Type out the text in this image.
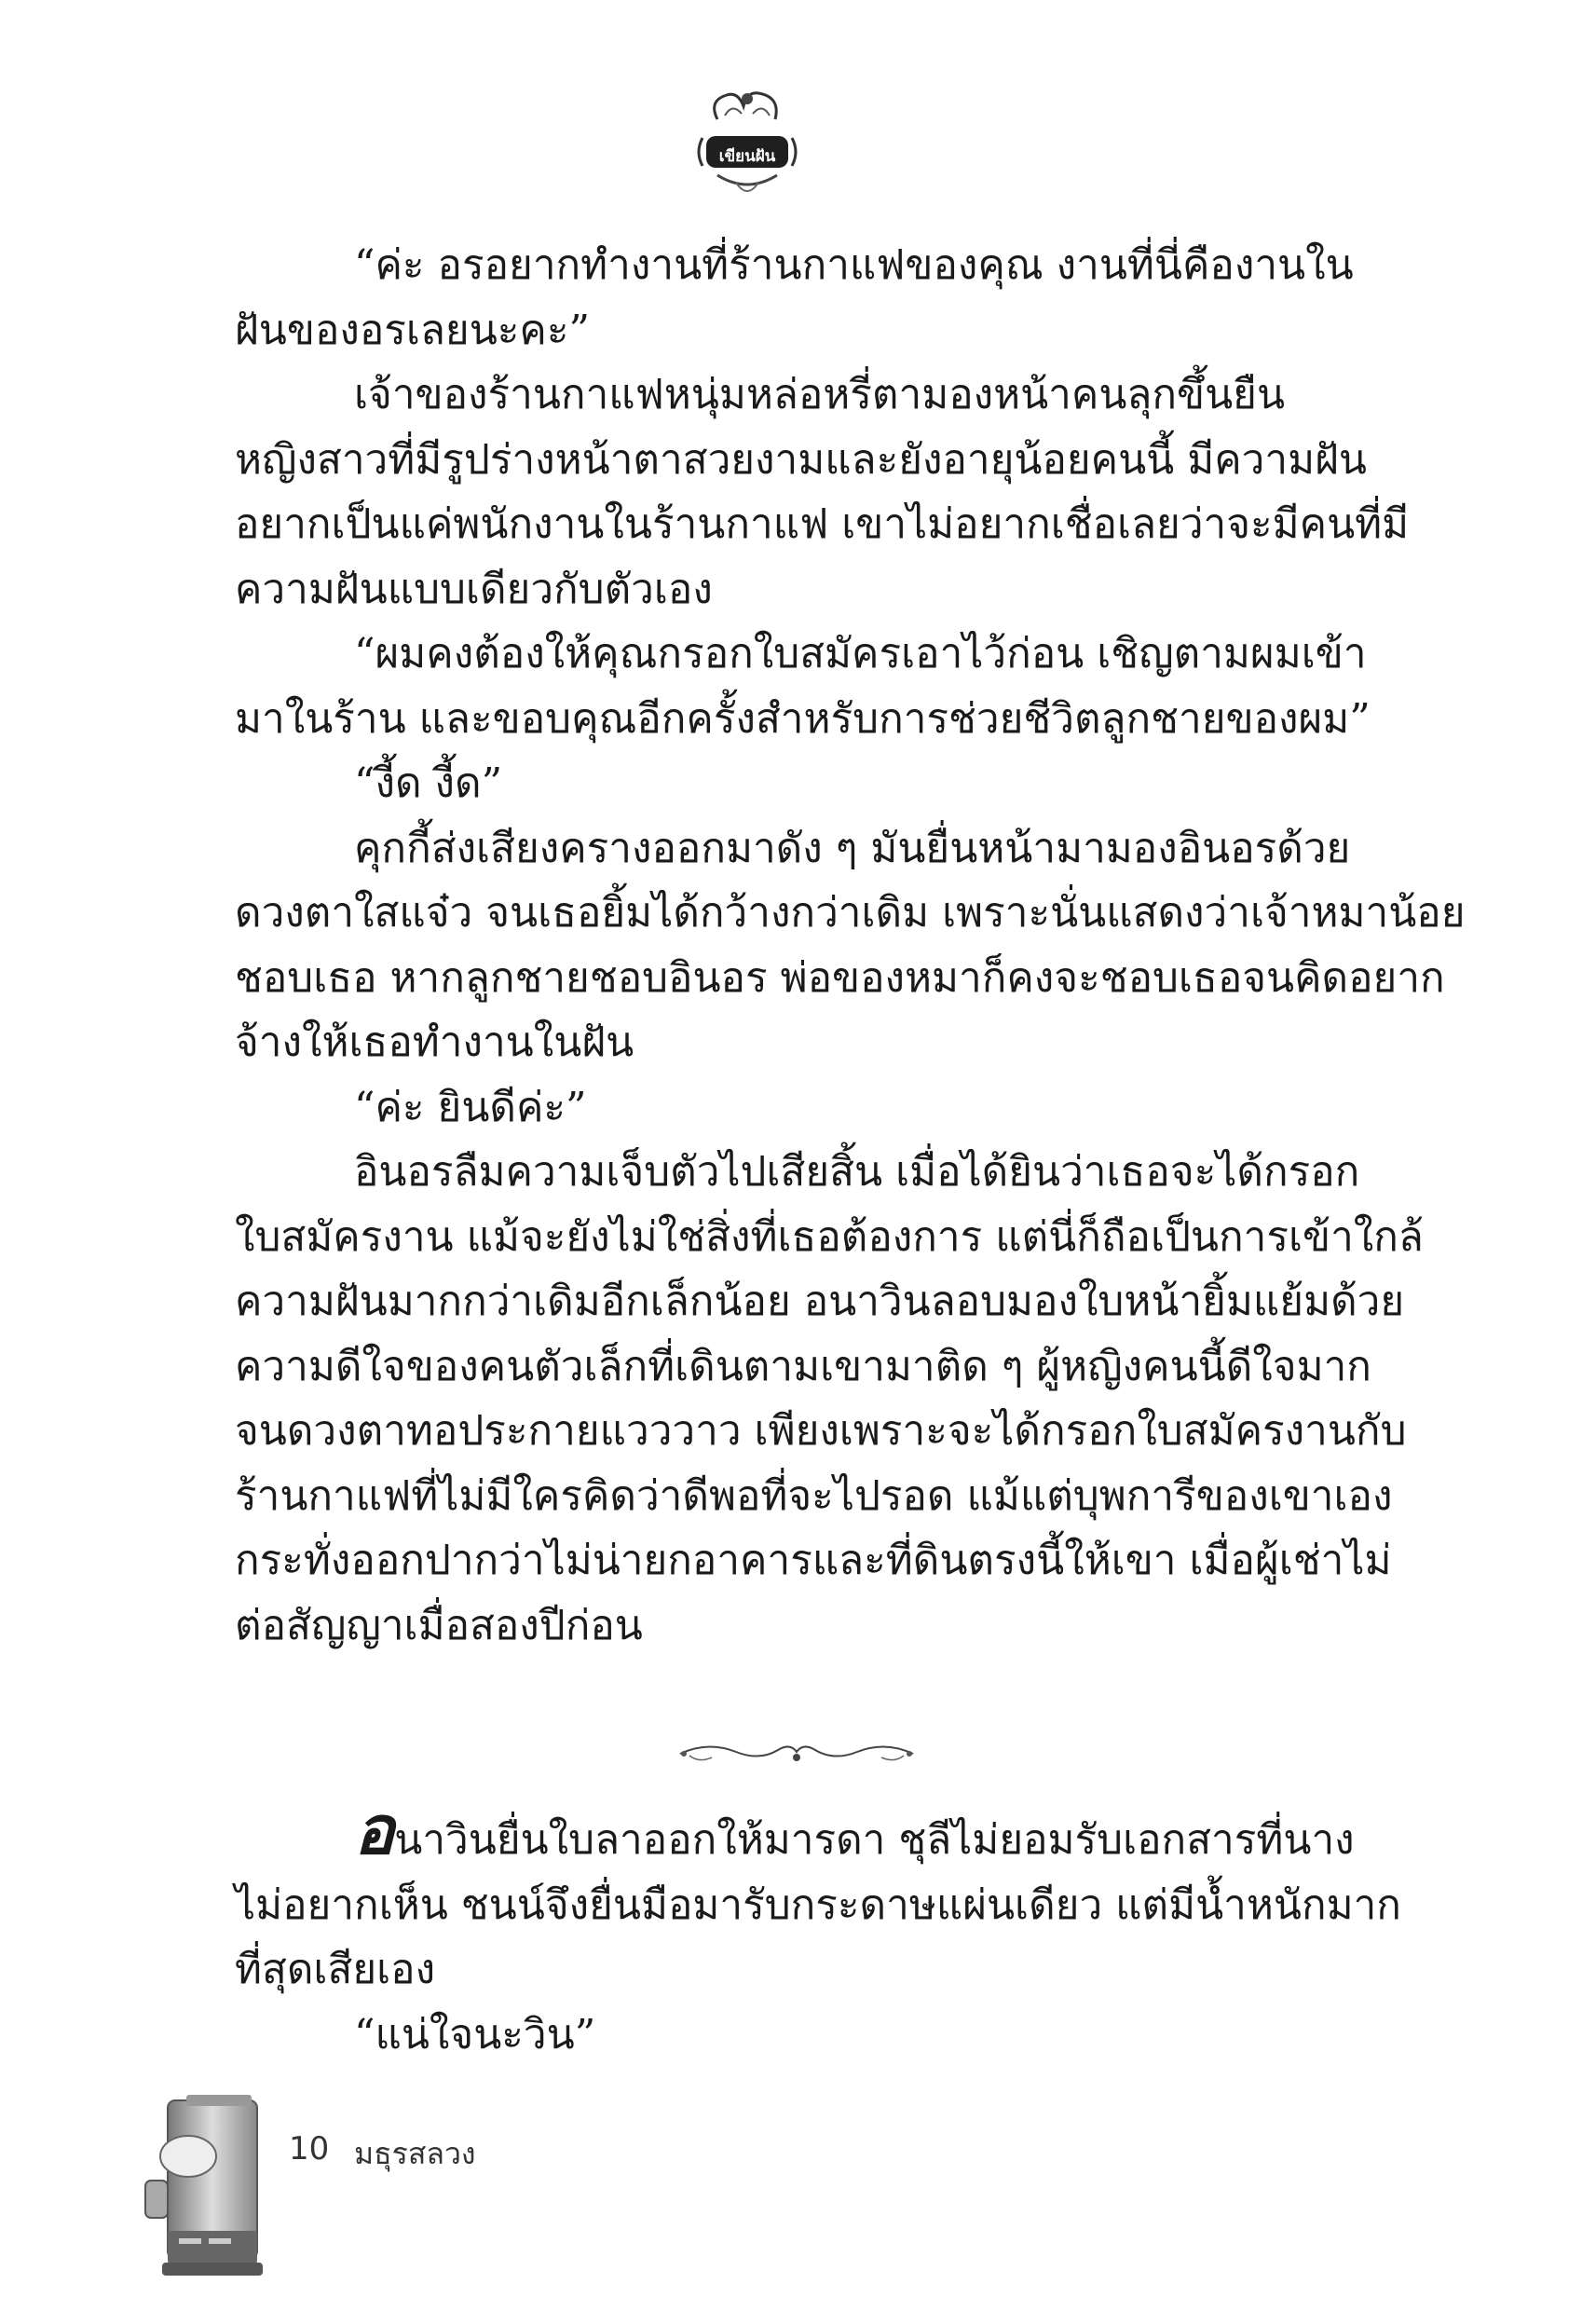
เขียนฝัน
“ค่ะ อรอยากทำงานที่ร้านกาแฟของคุณ งานที่นี่คืองานใน
ฝันของอรเลยนะคะ”
เจ้าของร้านกาแฟหนุ่มหล่อหรี่ตามองหน้าคนลุกขึ้นยืน
หญิงสาวที่มีรูปร่างหน้าตาสวยงามและยังอายุน้อยคนนี้ มีความฝัน
อยากเป็นแค่พนักงานในร้านกาแฟ เขาไม่อยากเชื่อเลยว่าจะมีคนที่มี
ความฝันแบบเดียวกับตัวเอง
“ผมคงต้องให้คุณกรอกใบสมัครเอาไว้ก่อน เชิญตามผมเข้า
มาในร้าน และขอบคุณอีกครั้งสำหรับการช่วยชีวิตลูกชายของผม”
“งี้ด งี้ด”
คุกกี้ส่งเสียงครางออกมาดัง ๆ มันยื่นหน้ามามองอินอรด้วย
ดวงตาใสแจ๋ว จนเธอยิ้มได้กว้างกว่าเดิม เพราะนั่นแสดงว่าเจ้าหมาน้อย
ชอบเธอ หากลูกชายชอบอินอร พ่อของหมาก็คงจะชอบเธอจนคิดอยาก
จ้างให้เธอทำงานในฝัน
“ค่ะ ยินดีค่ะ”
อินอรลืมความเจ็บตัวไปเสียสิ้น เมื่อได้ยินว่าเธอจะได้กรอก
ใบสมัครงาน แม้จะยังไม่ใช่สิ่งที่เธอต้องการ แต่นี่ก็ถือเป็นการเข้าใกล้
ความฝันมากกว่าเดิมอีกเล็กน้อย อนาวินลอบมองใบหน้ายิ้มแย้มด้วย
ความดีใจของคนตัวเล็กที่เดินตามเขามาติด ๆ ผู้หญิงคนนี้ดีใจมาก
จนดวงตาทอประกายแวววาว เพียงเพราะจะได้กรอกใบสมัครงานกับ
ร้านกาแฟที่ไม่มีใครคิดว่าดีพอที่จะไปรอด แม้แต่บุพการีของเขาเอง
กระทั่งออกปากว่าไม่น่ายกอาคารและที่ดินตรงนี้ให้เขา เมื่อผู้เช่าไม่
ต่อสัญญาเมื่อสองปีก่อน
อนาวินยื่นใบลาออกให้มารดา ชุลีไม่ยอมรับเอกสารที่นาง
ไม่อยากเห็น ชนน์จึงยื่นมือมารับกระดาษแผ่นเดียว แต่มีน้ำหนักมาก
ที่สุดเสียเอง
“แน่ใจนะวิน”
10 มธุรสลวง
